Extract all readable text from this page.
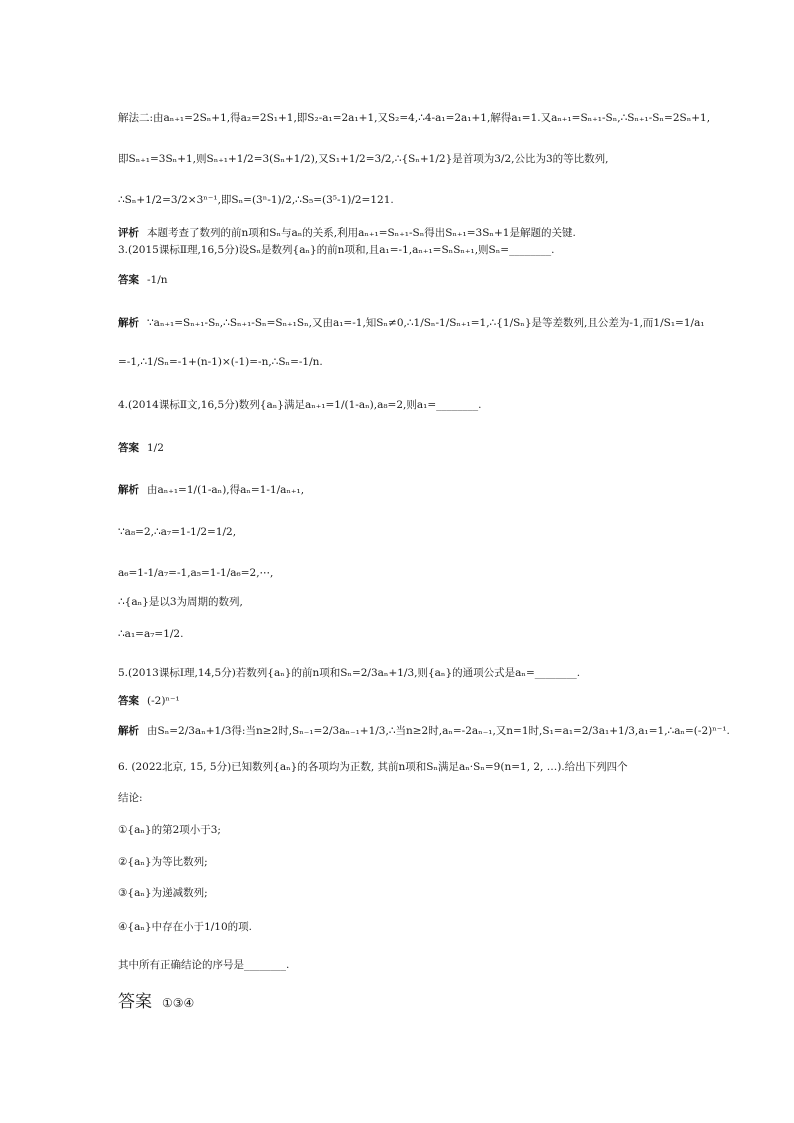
解法二:由aₙ₊₁=2Sₙ+1,得a₂=2S₁+1,即S₂-a₁=2a₁+1,又S₂=4,∴4-a₁=2a₁+1,解得a₁=1.又aₙ₊₁=Sₙ₊₁-Sₙ,∴Sₙ₊₁-Sₙ=2Sₙ+1,
即Sₙ₊₁=3Sₙ+1,则Sₙ₊₁+1/2=3(Sₙ+1/2),又S₁+1/2=3/2,∴{Sₙ+1/2}是首项为3/2,公比为3的等比数列,
∴Sₙ+1/2=3/2×3ⁿ⁻¹,即Sₙ=(3ⁿ-1)/2,∴S₅=(3⁵-1)/2=121.
评析 本题考查了数列的前n项和Sₙ与aₙ的关系,利用aₙ₊₁=Sₙ₊₁-Sₙ得出Sₙ₊₁=3Sₙ+1是解题的关键.
3.(2015课标Ⅱ理,16,5分)设Sₙ是数列{aₙ}的前n项和,且a₁=-1,aₙ₊₁=SₙSₙ₊₁,则Sₙ=________.
答案 -1/n
解析 ∵aₙ₊₁=Sₙ₊₁-Sₙ,∴Sₙ₊₁-Sₙ=Sₙ₊₁Sₙ,又由a₁=-1,知Sₙ≠0,∴1/Sₙ-1/Sₙ₊₁=1,∴{1/Sₙ}是等差数列,且公差为-1,而1/S₁=1/a₁
=-1,∴1/Sₙ=-1+(n-1)×(-1)=-n,∴Sₙ=-1/n.
4.(2014课标Ⅱ文,16,5分)数列{aₙ}满足aₙ₊₁=1/(1-aₙ),a₈=2,则a₁=________.
答案 1/2
解析 由aₙ₊₁=1/(1-aₙ),得aₙ=1-1/aₙ₊₁,
∵a₈=2,∴a₇=1-1/2=1/2,
a₆=1-1/a₇=-1,a₅=1-1/a₆=2,⋯,
∴{aₙ}是以3为周期的数列,
∴a₁=a₇=1/2.
5.(2013课标Ⅰ理,14,5分)若数列{aₙ}的前n项和Sₙ=2/3aₙ+1/3,则{aₙ}的通项公式是aₙ=________.
答案 (-2)ⁿ⁻¹
解析 由Sₙ=2/3aₙ+1/3得:当n≥2时,Sₙ₋₁=2/3aₙ₋₁+1/3,∴当n≥2时,aₙ=-2aₙ₋₁,又n=1时,S₁=a₁=2/3a₁+1/3,a₁=1,∴aₙ=(-2)ⁿ⁻¹.
6. (2022北京, 15, 5分)已知数列{aₙ}的各项均为正数, 其前n项和Sₙ满足aₙ·Sₙ=9(n=1, 2, …).给出下列四个
结论:
①{aₙ}的第2项小于3;
②{aₙ}为等比数列;
③{aₙ}为递减数列;
④{aₙ}中存在小于1/10的项.
其中所有正确结论的序号是________.
答案 ①③④
